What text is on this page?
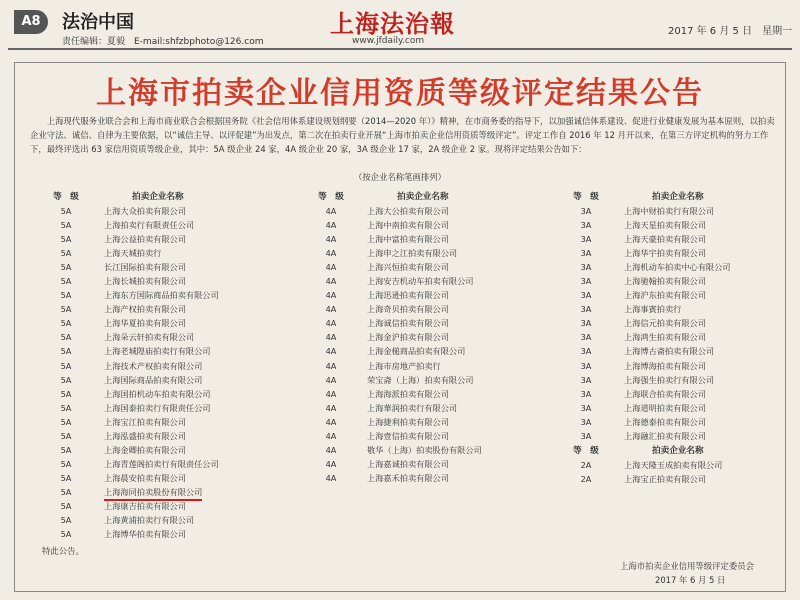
A8	法治中国
责任编辑：夏毅　E-mail:shfzbphoto@126.com
上海法治報
www.jfdaily.com
2017 年 6 月 5 日　星期一
上海市拍卖企业信用资质等级评定结果公告
上海现代服务业联合会和上海市商业联合会根据国务院《社会信用体系建设规划纲要（2014—2020 年）》精神，在市商务委的指导下，以加强诚信体系建设、促进行业健康发展为基本原则，以拍卖企业守法、诚信、自律为主要依据，以“诚信主导、以评促建”为出发点，第二次在拍卖行业开展“上海市拍卖企业信用资质等级评定”。评定工作自 2016 年 12 月开以来，在第三方评定机构的努力工作下，最终评选出 63 家信用资质等级企业，其中：5A 级企业 24 家，4A 级企业 20 家，3A 级企业 17 家，2A 级企业 2 家。现将评定结果公告如下：
（按企业名称笔画排列）
等　级	拍卖企业名称
5A	上海大众拍卖有限公司
5A	上海拍卖行有限责任公司
5A	上海公益拍卖有限公司
5A	上海天城拍卖行
5A	长江国际拍卖有限公司
5A	上海长城拍卖有限公司
5A	上海东方国际商品拍卖有限公司
5A	上海产权拍卖有限公司
5A	上海华夏拍卖有限公司
5A	上海朵云轩拍卖有限公司
5A	上海老城隍庙拍卖行有限公司
5A	上海技术产权拍卖有限公司
5A	上海国际商品拍卖有限公司
5A	上海国拍机动车拍卖有限公司
5A	上海国泰拍卖行有限责任公司
5A	上海宝江拍卖有限公司
5A	上海泓盛拍卖有限公司
5A	上海金卿拍卖有限公司
5A	上海青莲阁拍卖行有限责任公司
5A	上海晨安拍卖有限公司
5A	上海海同拍卖股份有限公司
5A	上海康吉拍卖有限公司
5A	上海黄浦拍卖行有限公司
5A	上海博华拍卖有限公司
等　级	拍卖企业名称
4A	上海大公拍卖有限公司
4A	上海中南拍卖有限公司
4A	上海中富拍卖有限公司
4A	上海申之江拍卖有限公司
4A	上海兴恒拍卖有限公司
4A	上海安吉机动车拍卖有限公司
4A	上海迅逊拍卖有限公司
4A	上海奇贝拍卖有限公司
4A	上海诚信拍卖有限公司
4A	上海金沪拍卖有限公司
4A	上海金槌商品拍卖有限公司
4A	上海市房地产拍卖行
4A	荣宝斋（上海）拍卖有限公司
4A	上海海派拍卖有限公司
4A	上海華润拍卖行有限公司
4A	上海捷利拍卖有限公司
4A	上海壹信拍卖有限公司
4A	敬华（上海）拍卖股份有限公司
4A	上海嘉诚拍卖有限公司
4A	上海嘉禾拍卖有限公司
等　级	拍卖企业名称
3A	上海中财拍卖行有限公司
3A	上海天星拍卖有限公司
3A	上海天豪拍卖有限公司
3A	上海华宇拍卖有限公司
3A	上海机动车拍卖中心有限公司
3A	上海驰翰拍卖有限公司
3A	上海沪东拍卖有限公司
3A	上海事賓拍卖行
3A	上海信元拍卖有限公司
3A	上海鸿生拍卖有限公司
3A	上海博古斋拍卖有限公司
3A	上海博海拍卖有限公司
3A	上海强生拍卖行有限公司
3A	上海联合拍卖有限公司
3A	上海道明拍卖有限公司
3A	上海德泰拍卖有限公司
3A	上海融汇拍卖有限公司
等　级	拍卖企业名称
2A	上海天隆玉成拍卖有限公司
2A	上海宝正拍卖有限公司
特此公告。
上海市拍卖企业信用等级评定委员会
2017 年 6 月 5 日
